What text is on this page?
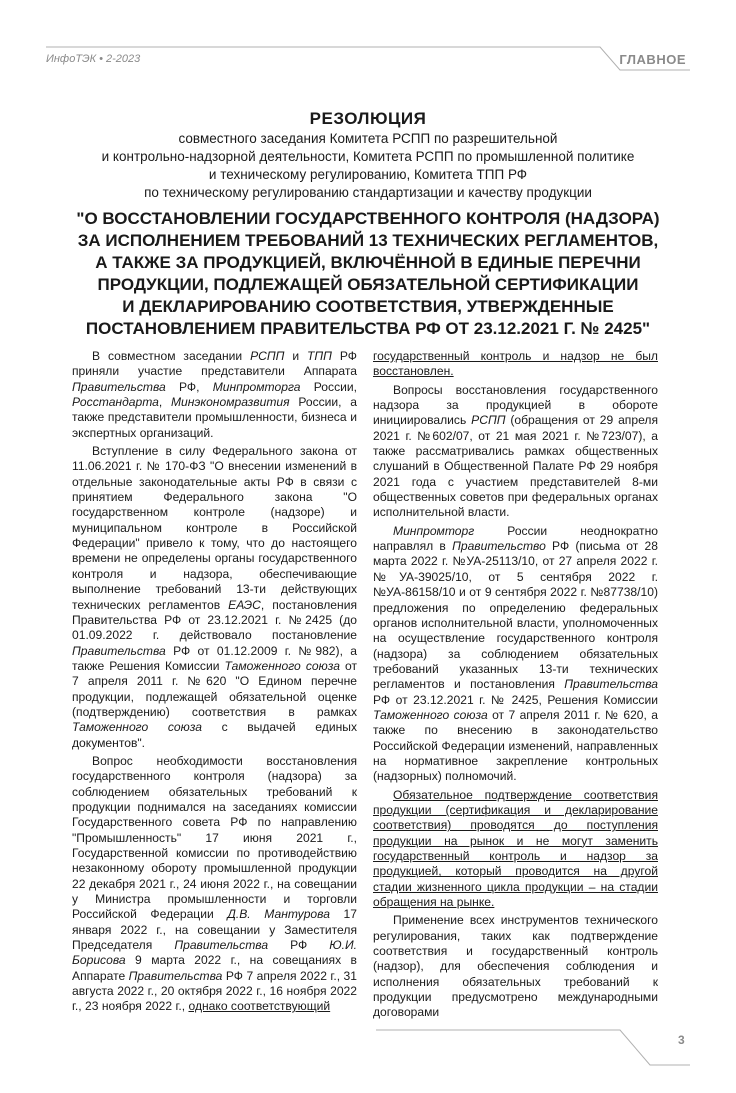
ИнфоТЭК • 2-2023	ГЛАВНОЕ
РЕЗОЛЮЦИЯ
совместного заседания Комитета РСПП по разрешительной
и контрольно-надзорной деятельности, Комитета РСПП по промышленной политике
и техническому регулированию, Комитета ТПП РФ
по техническому регулированию стандартизации и качеству продукции
"О ВОССТАНОВЛЕНИИ ГОСУДАРСТВЕННОГО КОНТРОЛЯ (НАДЗОРА)
ЗА ИСПОЛНЕНИЕМ ТРЕБОВАНИЙ 13 ТЕХНИЧЕСКИХ РЕГЛАМЕНТОВ,
А ТАКЖЕ ЗА ПРОДУКЦИЕЙ, ВКЛЮЧЁННОЙ В ЕДИНЫЕ ПЕРЕЧНИ
ПРОДУКЦИИ, ПОДЛЕЖАЩЕЙ ОБЯЗАТЕЛЬНОЙ СЕРТИФИКАЦИИ
И ДЕКЛАРИРОВАНИЮ СООТВЕТСТВИЯ, УТВЕРЖДЕННЫЕ
ПОСТАНОВЛЕНИЕМ ПРАВИТЕЛЬСТВА РФ ОТ 23.12.2021 Г. № 2425"

В совместном заседании РСПП и ТПП РФ приняли участие представители Аппарата Правительства РФ, Минпромторга России, Росстандарта, Минэкономразвития России, а также представители промышленности, бизнеса и экспертных организаций.

Вступление в силу Федерального закона от 11.06.2021 г. № 170-ФЗ "О внесении изменений в отдельные законодательные акты РФ в связи с принятием Федерального закона "О государственном контроле (надзоре) и муниципальном контроле в Российской Федерации" привело к тому, что до настоящего времени не определены органы государственного контроля и надзора, обеспечивающие выполнение требований 13-ти действующих технических регламентов ЕАЭС, постановления Правительства РФ от 23.12.2021 г. №2425 (до 01.09.2022 г. действовало постановление Правительства РФ от 01.12.2009 г. №982), а также Решения Комиссии Таможенного союза от 7 апреля 2011 г. №620 "О Едином перечне продукции, подлежащей обязательной оценке (подтверждению) соответствия в рамках Таможенного союза с выдачей единых документов".

Вопрос необходимости восстановления государственного контроля (надзора) за соблюдением обязательных требований к продукции поднимался на заседаниях комиссии Государственного совета РФ по направлению "Промышленность" 17 июня 2021 г., Государственной комиссии по противодействию незаконному обороту промышленной продукции 22 декабря 2021 г., 24 июня 2022 г., на совещании у Министра промышленности и торговли Российской Федерации Д.В. Мантурова 17 января 2022 г., на совещании у Заместителя Председателя Правительства РФ Ю.И. Борисова 9 марта 2022 г., на совещаниях в Аппарате Правительства РФ 7 апреля 2022 г., 31 августа 2022 г., 20 октября 2022 г., 16 ноября 2022 г., 23 ноября 2022 г., однако соответствующий

государственный контроль и надзор не был восстановлен.

Вопросы восстановления государственного надзора за продукцией в обороте инициировались РСПП (обращения от 29 апреля 2021 г. №602/07, от 21 мая 2021 г. №723/07), а также рассматривались рамках общественных слушаний в Общественной Палате РФ 29 ноября 2021 года с участием представителей 8-ми общественных советов при федеральных органах исполнительной власти.

Минпромторг России неоднократно направлял в Правительство РФ (письма от 28 марта 2022 г. №УА-25113/10, от 27 апреля 2022 г. №УА-39025/10, от 5 сентября 2022 г. №УА-86158/10 и от 9 сентября 2022 г. №87738/10) предложения по определению федеральных органов исполнительной власти, уполномоченных на осуществление государственного контроля (надзора) за соблюдением обязательных требований указанных 13-ти технических регламентов и постановления Правительства РФ от 23.12.2021 г. № 2425, Решения Комиссии Таможенного союза от 7 апреля 2011 г. № 620, а также по внесению в законодательство Российской Федерации изменений, направленных на нормативное закрепление контрольных (надзорных) полномочий.

Обязательное подтверждение соответствия продукции (сертификация и декларирование соответствия) проводятся до поступления продукции на рынок и не могут заменить государственный контроль и надзор за продукцией, который проводится на другой стадии жизненного цикла продукции – на стадии обращения на рынке.

Применение всех инструментов технического регулирования, таких как подтверждение соответствия и государственный контроль (надзор), для обеспечения соблюдения и исполнения обязательных требований к продукции предусмотрено международными договорами

3
